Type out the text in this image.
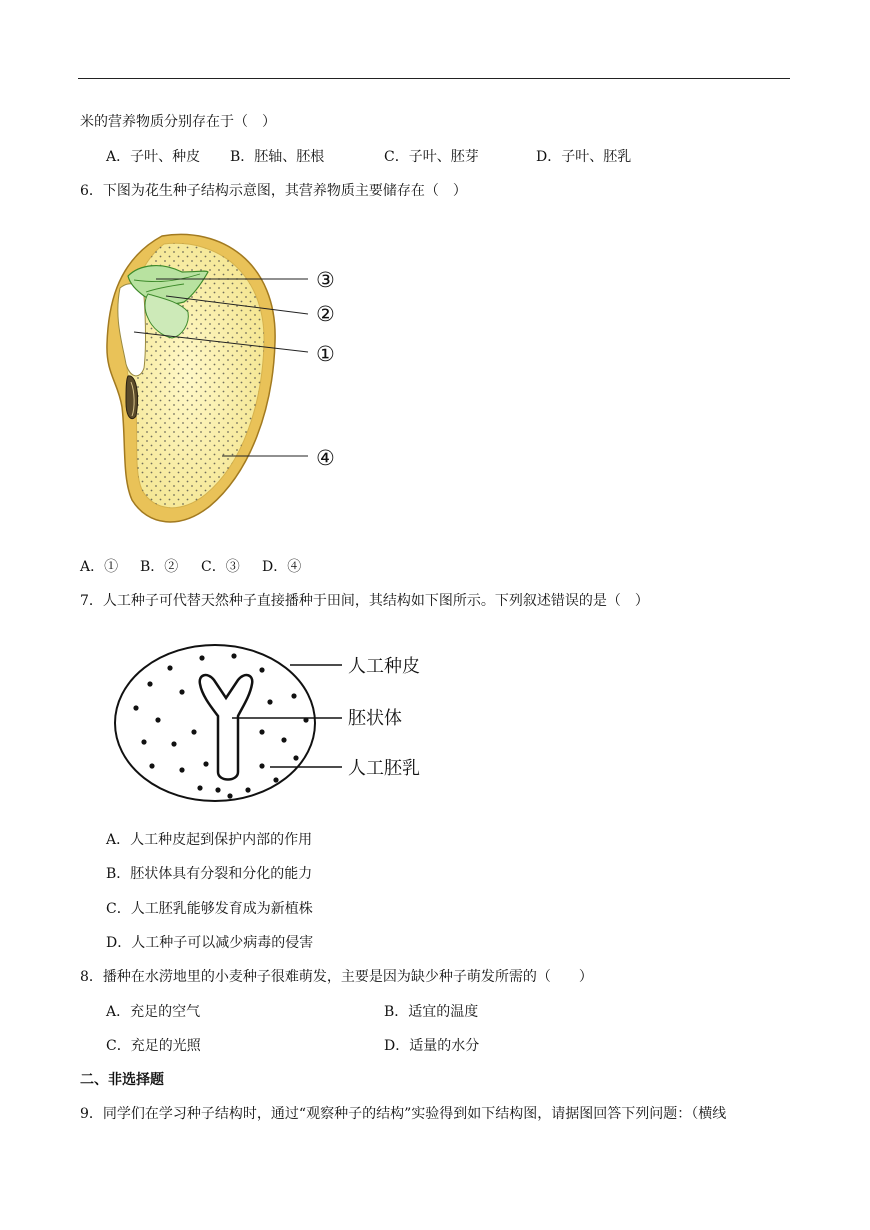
米的营养物质分别存在于（　）
A．子叶、种皮 B．胚轴、胚根	C．子叶、胚芽	D．子叶、胚乳
6．下图为花生种子结构示意图，其营养物质主要储存在（　）
③
②
①
④
A．① B．② C．③ D．④
7．人工种子可代替天然种子直接播种于田间，其结构如下图所示。下列叙述错误的是（　）
人工种皮
胚状体
人工胚乳
A．人工种皮起到保护内部的作用
B．胚状体具有分裂和分化的能力
C．人工胚乳能够发育成为新植株
D．人工种子可以减少病毒的侵害
8．播种在水涝地里的小麦种子很难萌发，主要是因为缺少种子萌发所需的（　　）
A．充足的空气	B．适宜的温度
C．充足的光照	D．适量的水分
二、非选择题
9．同学们在学习种子结构时，通过“观察种子的结构”实验得到如下结构图，请据图回答下列问题：（横线
